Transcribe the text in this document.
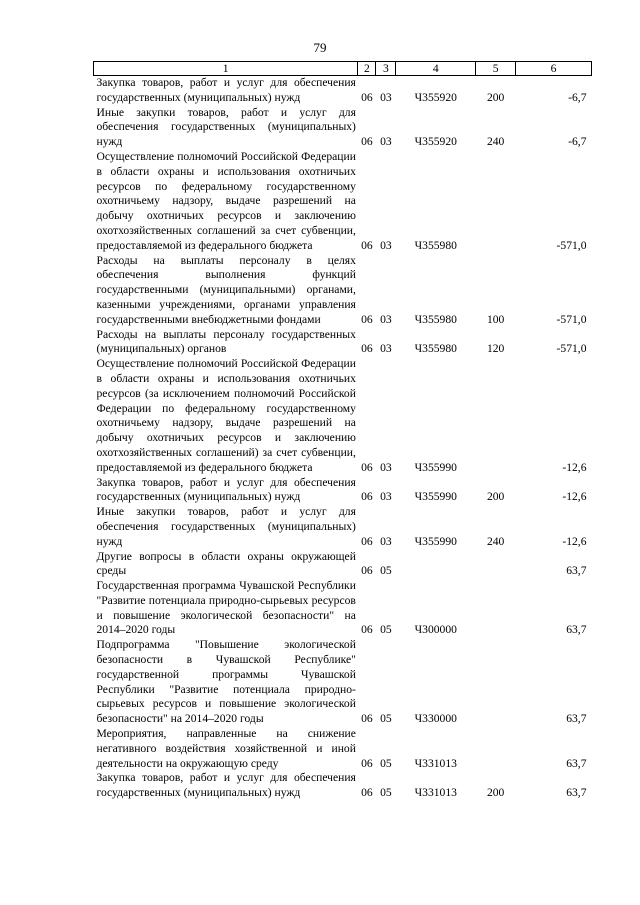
79
1	2	3	4	5	6
Закупка товаров, работ и услуг для обеспечения государственных (муниципальных) нужд	06	03	Ч355920	200	-6,7
Иные закупки товаров, работ и услуг для обеспечения государственных (муниципальных) нужд	06	03	Ч355920	240	-6,7
Осуществление полномочий Российской Федерации в области охраны и использования охотничьих ресурсов по федеральному государственному охотничьему надзору, выдаче разрешений на добычу охотничьих ресурсов и заключению охотхозяйственных соглашений за счет субвенции, предоставляемой из федерального бюджета	06	03	Ч355980		-571,0
Расходы на выплаты персоналу в целях обеспечения выполнения функций государственными (муниципальными) органами, казенными учреждениями, органами управления государственными внебюджетными фондами	06	03	Ч355980	100	-571,0
Расходы на выплаты персоналу государственных (муниципальных) органов	06	03	Ч355980	120	-571,0
Осуществление полномочий Российской Федерации в области охраны и использования охотничьих ресурсов (за исключением полномочий Российской Федерации по федеральному государственному охотничьему надзору, выдаче разрешений на добычу охотничьих ресурсов и заключению охотхозяйственных соглашений) за счет субвенции, предоставляемой из федерального бюджета	06	03	Ч355990		-12,6
Закупка товаров, работ и услуг для обеспечения государственных (муниципальных) нужд	06	03	Ч355990	200	-12,6
Иные закупки товаров, работ и услуг для обеспечения государственных (муниципальных) нужд	06	03	Ч355990	240	-12,6
Другие вопросы в области охраны окружающей среды	06	05			63,7
Государственная программа Чувашской Республики "Развитие потенциала природно-сырьевых ресурсов и повышение экологической безопасности" на 2014–2020 годы	06	05	Ч300000		63,7
Подпрограмма "Повышение экологической безопасности в Чувашской Республике" государственной программы Чувашской Республики "Развитие потенциала природно-сырьевых ресурсов и повышение экологической безопасности" на 2014–2020 годы	06	05	Ч330000		63,7
Мероприятия, направленные на снижение негативного воздействия хозяйственной и иной деятельности на окружающую среду	06	05	Ч331013		63,7
Закупка товаров, работ и услуг для обеспечения государственных (муниципальных) нужд	06	05	Ч331013	200	63,7
